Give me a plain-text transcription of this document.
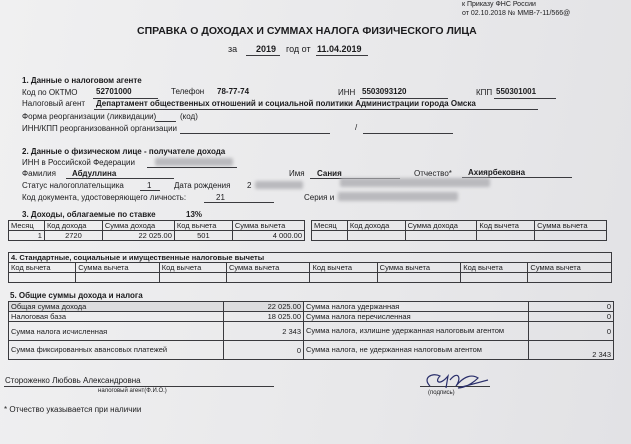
к Приказу ФНС России
от 02.10.2018 № ММВ-7-11/566@
СПРАВКА О ДОХОДАХ И СУММАХ НАЛОГА ФИЗИЧЕСКОГО ЛИЦА
за 2019 год от 11.04.2019
1. Данные о налоговом агенте
Код по ОКТМО 52701000	Телефон 78-77-74	ИНН 5503093120	КПП 550301001
Налоговый агент Департамент общественных отношений и социальной политики Администрации города Омска
Форма реорганизации (ликвидации)	(код)
ИНН/КПП реорганизованной организации	/
2. Данные о физическом лице - получателе дохода
ИНН в Российской Федерации
Фамилия Абдуллина	Имя Сания	Отчество* Ахиярбековна
Статус налогоплательщика	1	Дата рождения 2
Код документа, удостоверяющего личность:	21	Серия и
3. Доходы, облагаемые по ставке	13%
Месяц	Код дохода	Сумма дохода	Код вычета	Сумма вычета
1	2720	22 025.00	501	4 000.00
Месяц	Код дохода	Сумма дохода	Код вычета	Сумма вычета

4. Стандартные, социальные и имущественные налоговые вычеты							
Код вычета	Сумма вычета	Код вычета	Сумма вычета	Код вычета	Сумма вычета	Код вычета	Сумма вычета

5. Общие суммы дохода и налога
Общая сумма дохода	22 025.00	Сумма налога удержанная	0
Налоговая база	18 025.00	Сумма налога перечисленная	0
Сумма налога исчисленная	2 343	Сумма налога, излишне удержанная налоговым агентом	0
Сумма фиксированных авансовых платежей	0	Сумма налога, не удержанная налоговым агентом	2 343
Стороженко Любовь Александровна
налоговый агент(Ф.И.О.)	(подпись)
* Отчество указывается при наличии
